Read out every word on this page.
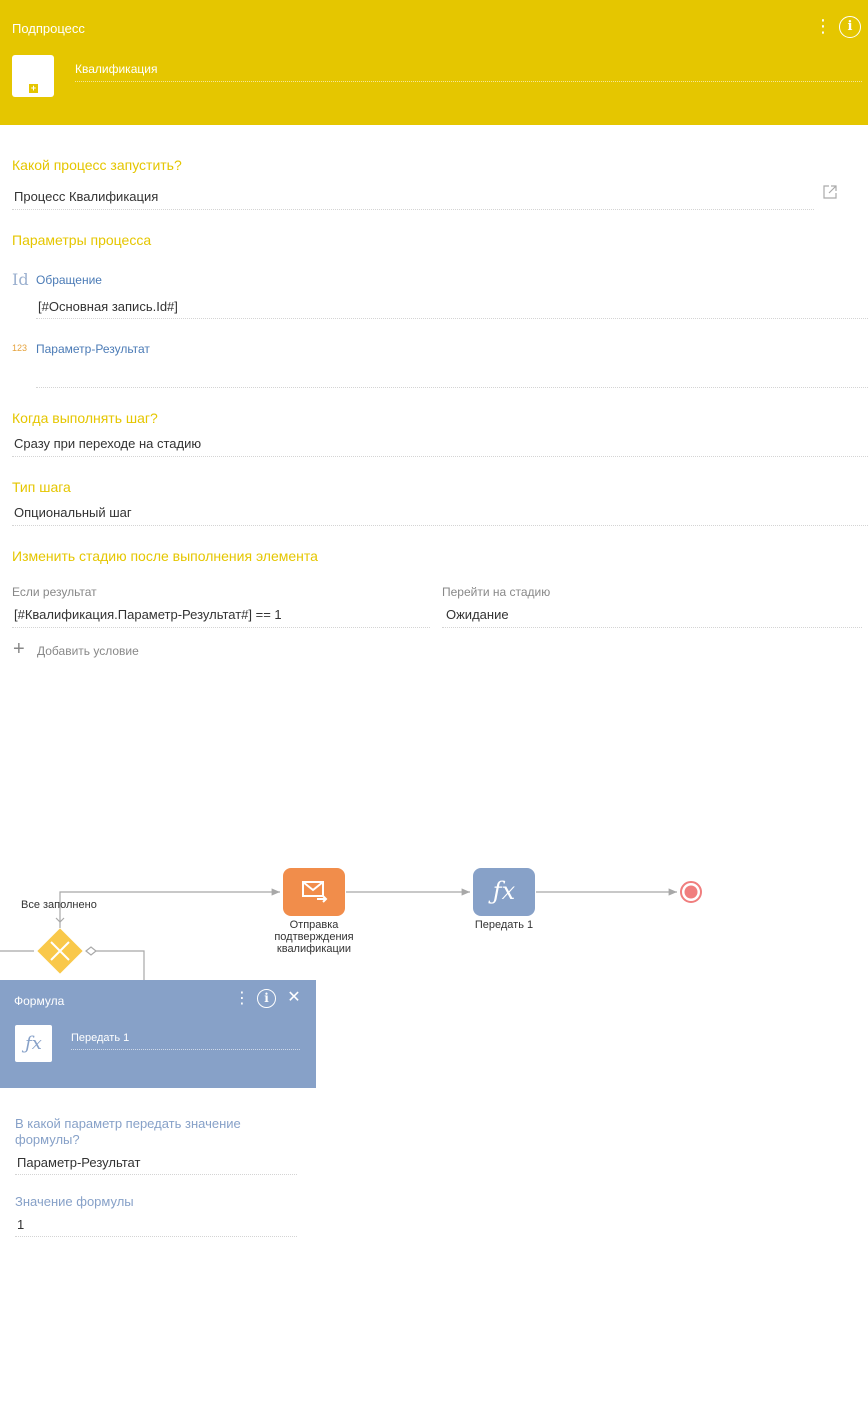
Подпроцесс	⋮	i
+
Квалификация
Какой процесс запустить?
Процесс Квалификация
Параметры процесса
Id Обращение
[#Основная запись.Id#]
123 Параметр-Результат
Когда выполнять шаг?
Сразу при переходе на стадию
Тип шага
Опциональный шаг
Изменить стадию после выполнения элемента
Если результат
[#Квалификация.Параметр-Результат#] == 1
Перейти на стадию
Ожидание
+ Добавить условие
Все заполнено
Отправка подтверждения квалификации
ƒx
Передать 1
Формула	⋮	i	✕
ƒx	Передать 1
В какой параметр передать значение формулы?
Параметр-Результат
Значение формулы
1
